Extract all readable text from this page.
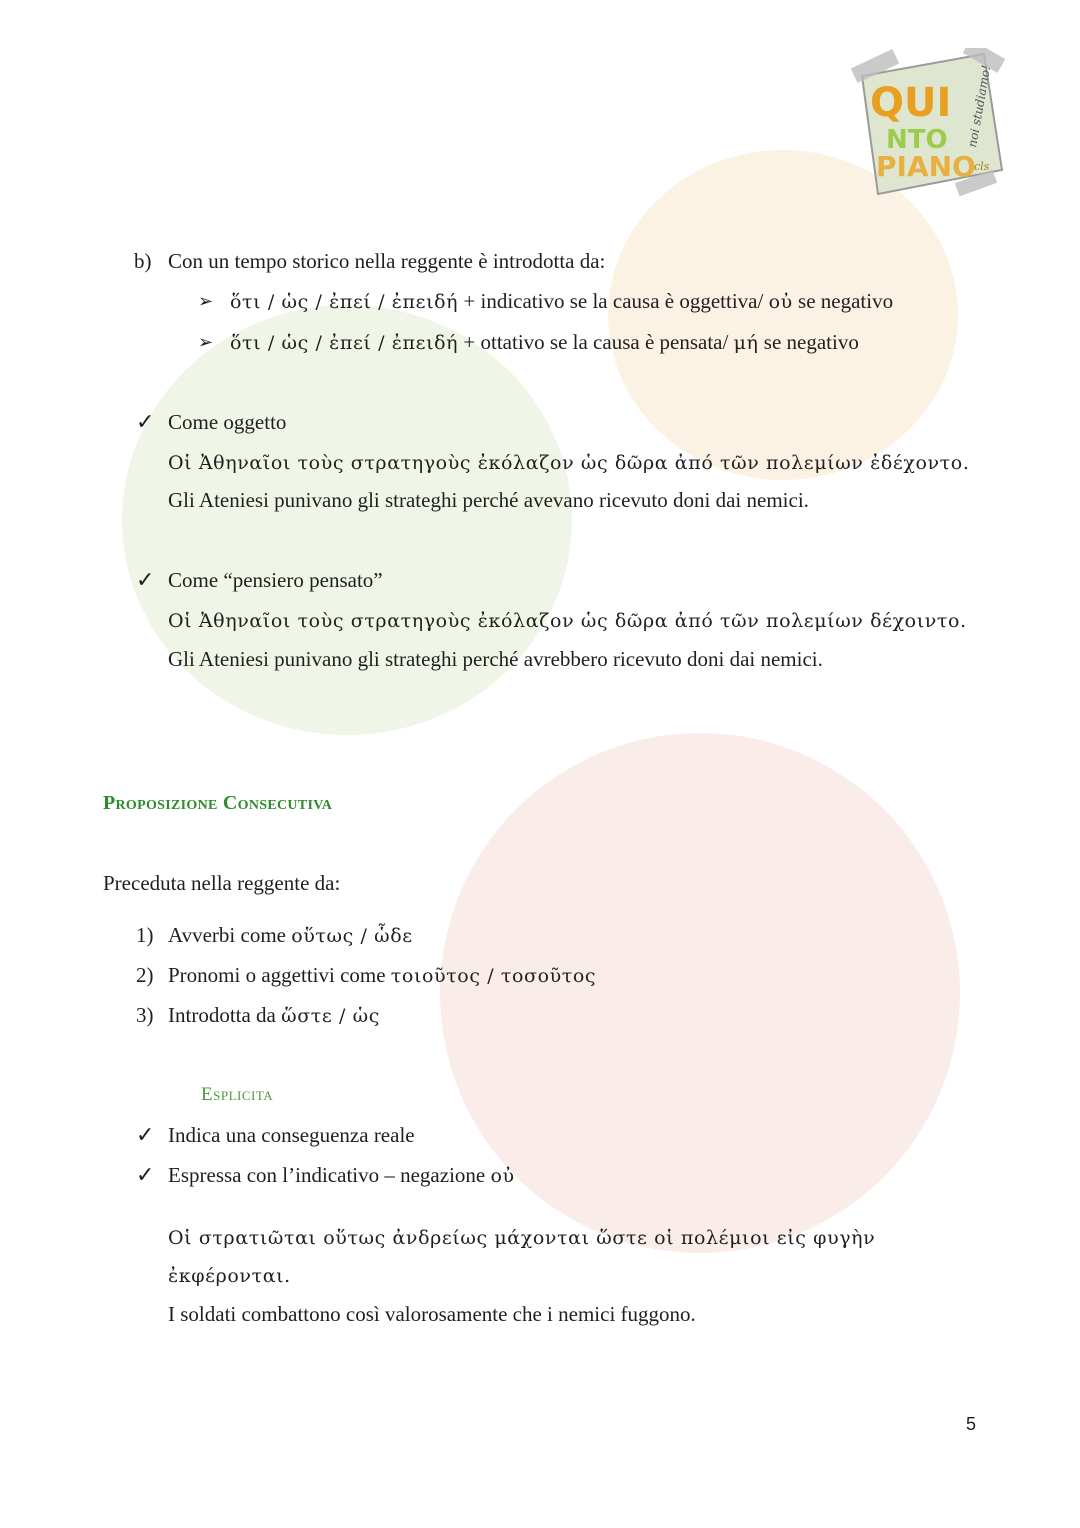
QUI
NTO
PIANO
noi studiamo!
cls
b) Con un tempo storico nella reggente è introdotta da:
➢ ὅτι / ὡς / ἐπεί / ἐπειδή + indicativo se la causa è oggettiva/ οὐ se negativo
➢ ὅτι / ὡς / ἐπεί / ἐπειδή + ottativo se la causa è pensata/ μή se negativo
✓ Come oggetto
Οἱ Ἀθηναῖοι τοὺς στρατηγοὺς ἐκόλαζον ὡς δῶρα ἀπό τῶν πολεμίων ἐδέχοντο.
Gli Ateniesi punivano gli strateghi perché avevano ricevuto doni dai nemici.
✓ Come “pensiero pensato”
Οἱ Ἀθηναῖοι τοὺς στρατηγοὺς ἐκόλαζον ὡς δῶρα ἀπό τῶν πολεμίων δέχοιντο.
Gli Ateniesi punivano gli strateghi perché avrebbero ricevuto doni dai nemici.
Proposizione Consecutiva
Preceduta nella reggente da:
1) Avverbi come οὕτως / ὧδε
2) Pronomi o aggettivi come τοιοῦτος / τοσοῦτος
3) Introdotta da ὥστε / ὡς
Esplicita
✓ Indica una conseguenza reale
✓ Espressa con l’indicativo – negazione οὐ
Οἱ στρατιῶται οὕτως ἀνδρείως μάχονται ὥστε οἱ πολέμιοι εἰς φυγὴν
ἐκφέρονται.
I soldati combattono così valorosamente che i nemici fuggono.
5
